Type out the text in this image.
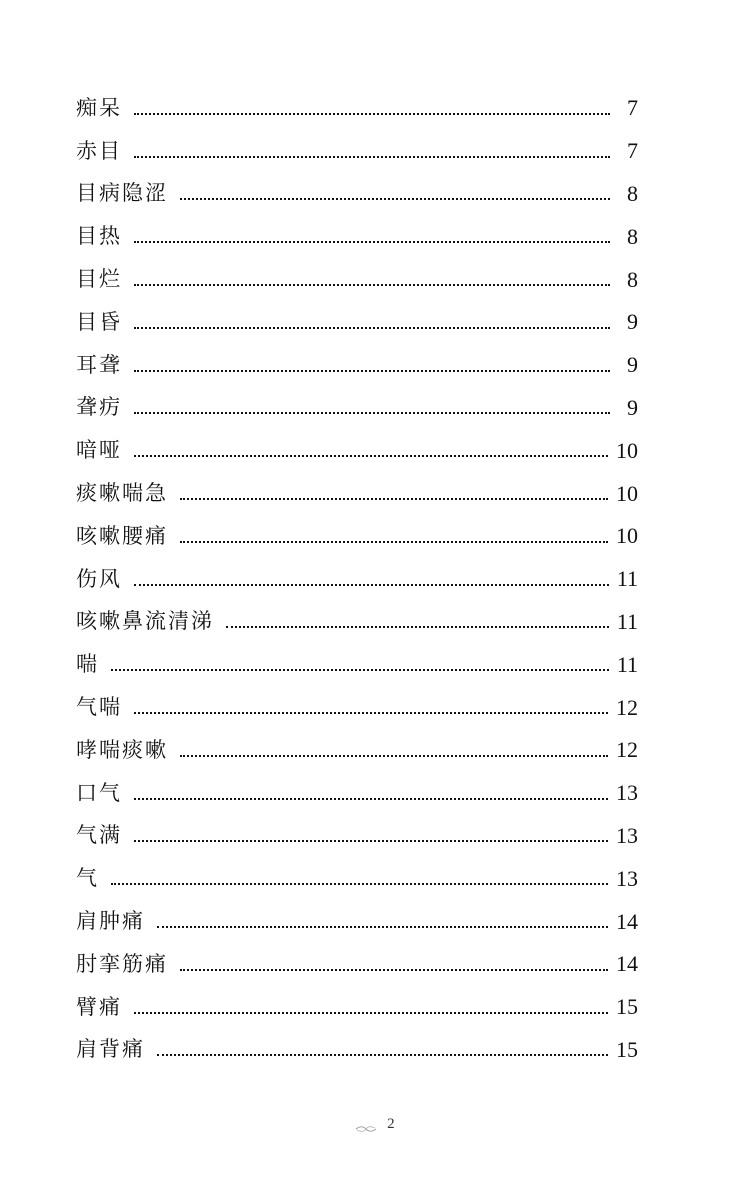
痴呆	7
赤目	7
目病隐涩	8
目热	8
目烂	8
目昏	9
耳聋	9
聋疠	9
喑哑	10
痰嗽喘急	10
咳嗽腰痛	10
伤风	11
咳嗽鼻流清涕	11
喘	11
气喘	12
哮喘痰嗽	12
口气	13
气满	13
气	13
肩肿痛	14
肘挛筋痛	14
臂痛	15
肩背痛	15
2
